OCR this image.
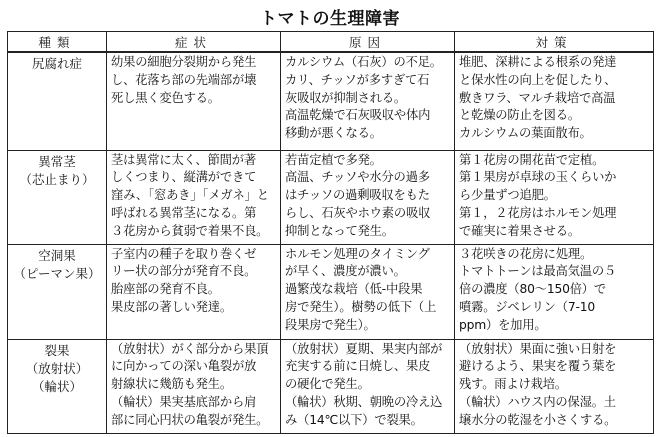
トマトの生理障害
種類	症状	原因	対策

尻腐れ症	幼果の細胞分裂期から発生
し、花落ち部の先端部が壊
死し黒く変色する。	カルシウム（石灰）の不足。
カリ、チッソが多すぎて石
灰吸収が抑制される。
高温乾燥で石灰吸収や体内
移動が悪くなる。	堆肥、深耕による根系の発達
と保水性の向上を促したり、
敷きワラ、マルチ栽培で高温
と乾燥の防止を図る。
カルシウムの葉面散布。

異常茎
（芯止まり）	茎は異常に太く、節間が著
しくつまり、縦溝ができて
窪み、「窓あき」「メガネ」と
呼ばれる異常茎になる。第
３花房から貧弱で着果不良。	若苗定植で多発。
高温、チッソや水分の過多
はチッソの過剰吸収をもた
らし、石灰やホウ素の吸収
抑制となって発生。	第１花房の開花苗で定植。
第１果房が卓球の玉くらいか
ら少量ずつ追肥。
第１，２花房はホルモン処理
で確実に着果させる。

空洞果
（ピーマン果）	子室内の種子を取り巻くゼ
リー状の部分が発育不良。
胎座部の発育不良。
果皮部の著しい発達。	ホルモン処理のタイミング
が早く、濃度が濃い。
過繁茂な栽培（低-中段果
房で発生）。樹勢の低下（上
段果房で発生）。	３花咲きの花房に処理。
トマトトーンは最高気温の５
倍の濃度（80～150倍）で
噴霧。ジベレリン（7-10
ppm）を加用。

裂果
（放射状）
（輪状）	（放射状）がく部分から果頂
に向かっての深い亀裂が放
射線状に幾筋も発生。
（輪状）果実基底部から肩
部に同心円状の亀裂が発生。	（放射状）夏期、果実内部が
充実する前に日焼し、果皮
の硬化で発生。
（輪状）秋期、朝晩の冷え込
み（14℃以下）で裂果。	（放射状）果面に強い日射を
避けるよう、果実を覆う葉を
残す。雨よけ栽培。
（輪状）ハウス内の保湿。土
壌水分の乾湿を小さくする。
